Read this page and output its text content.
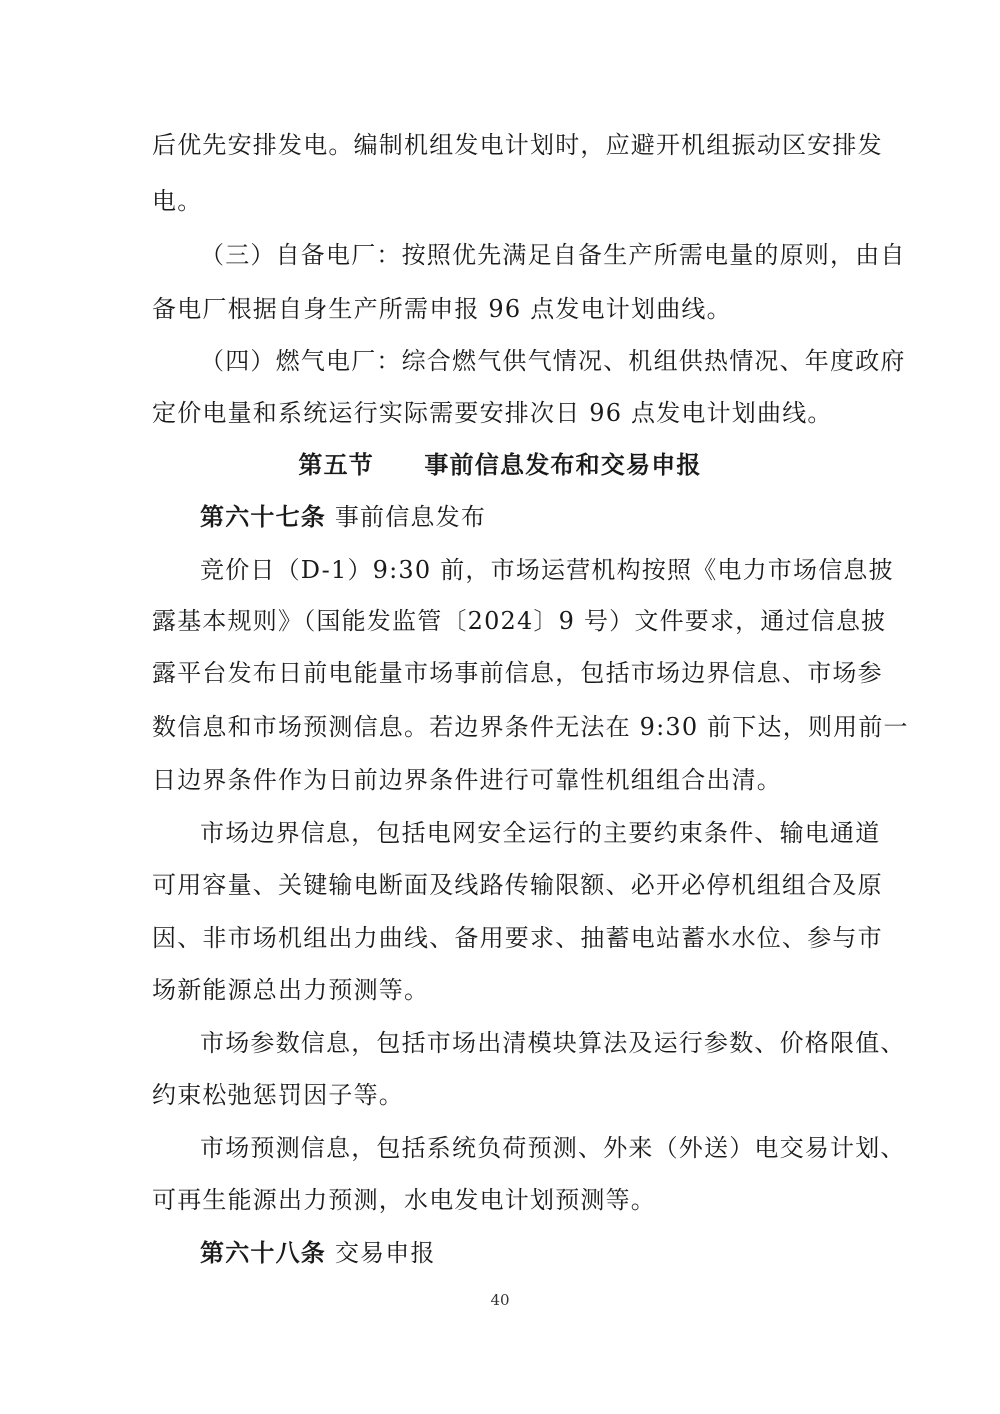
后优先安排发电。编制机组发电计划时，应避开机组振动区安排发
电。
（三）自备电厂：按照优先满足自备生产所需电量的原则，由自
备电厂根据自身生产所需申报 96 点发电计划曲线。
（四）燃气电厂：综合燃气供气情况、机组供热情况、年度政府
定价电量和系统运行实际需要安排次日 96 点发电计划曲线。
第五节　　事前信息发布和交易申报
第六十七条 事前信息发布
竞价日（D-1）9:30 前，市场运营机构按照《电力市场信息披
露基本规则》（国能发监管〔2024〕9 号）文件要求，通过信息披
露平台发布日前电能量市场事前信息，包括市场边界信息、市场参
数信息和市场预测信息。若边界条件无法在 9:30 前下达，则用前一
日边界条件作为日前边界条件进行可靠性机组组合出清。
市场边界信息，包括电网安全运行的主要约束条件、输电通道
可用容量、关键输电断面及线路传输限额、必开必停机组组合及原
因、非市场机组出力曲线、备用要求、抽蓄电站蓄水水位、参与市
场新能源总出力预测等。
市场参数信息，包括市场出清模块算法及运行参数、价格限值、
约束松弛惩罚因子等。
市场预测信息，包括系统负荷预测、外来（外送）电交易计划、
可再生能源出力预测，水电发电计划预测等。
第六十八条 交易申报
40
